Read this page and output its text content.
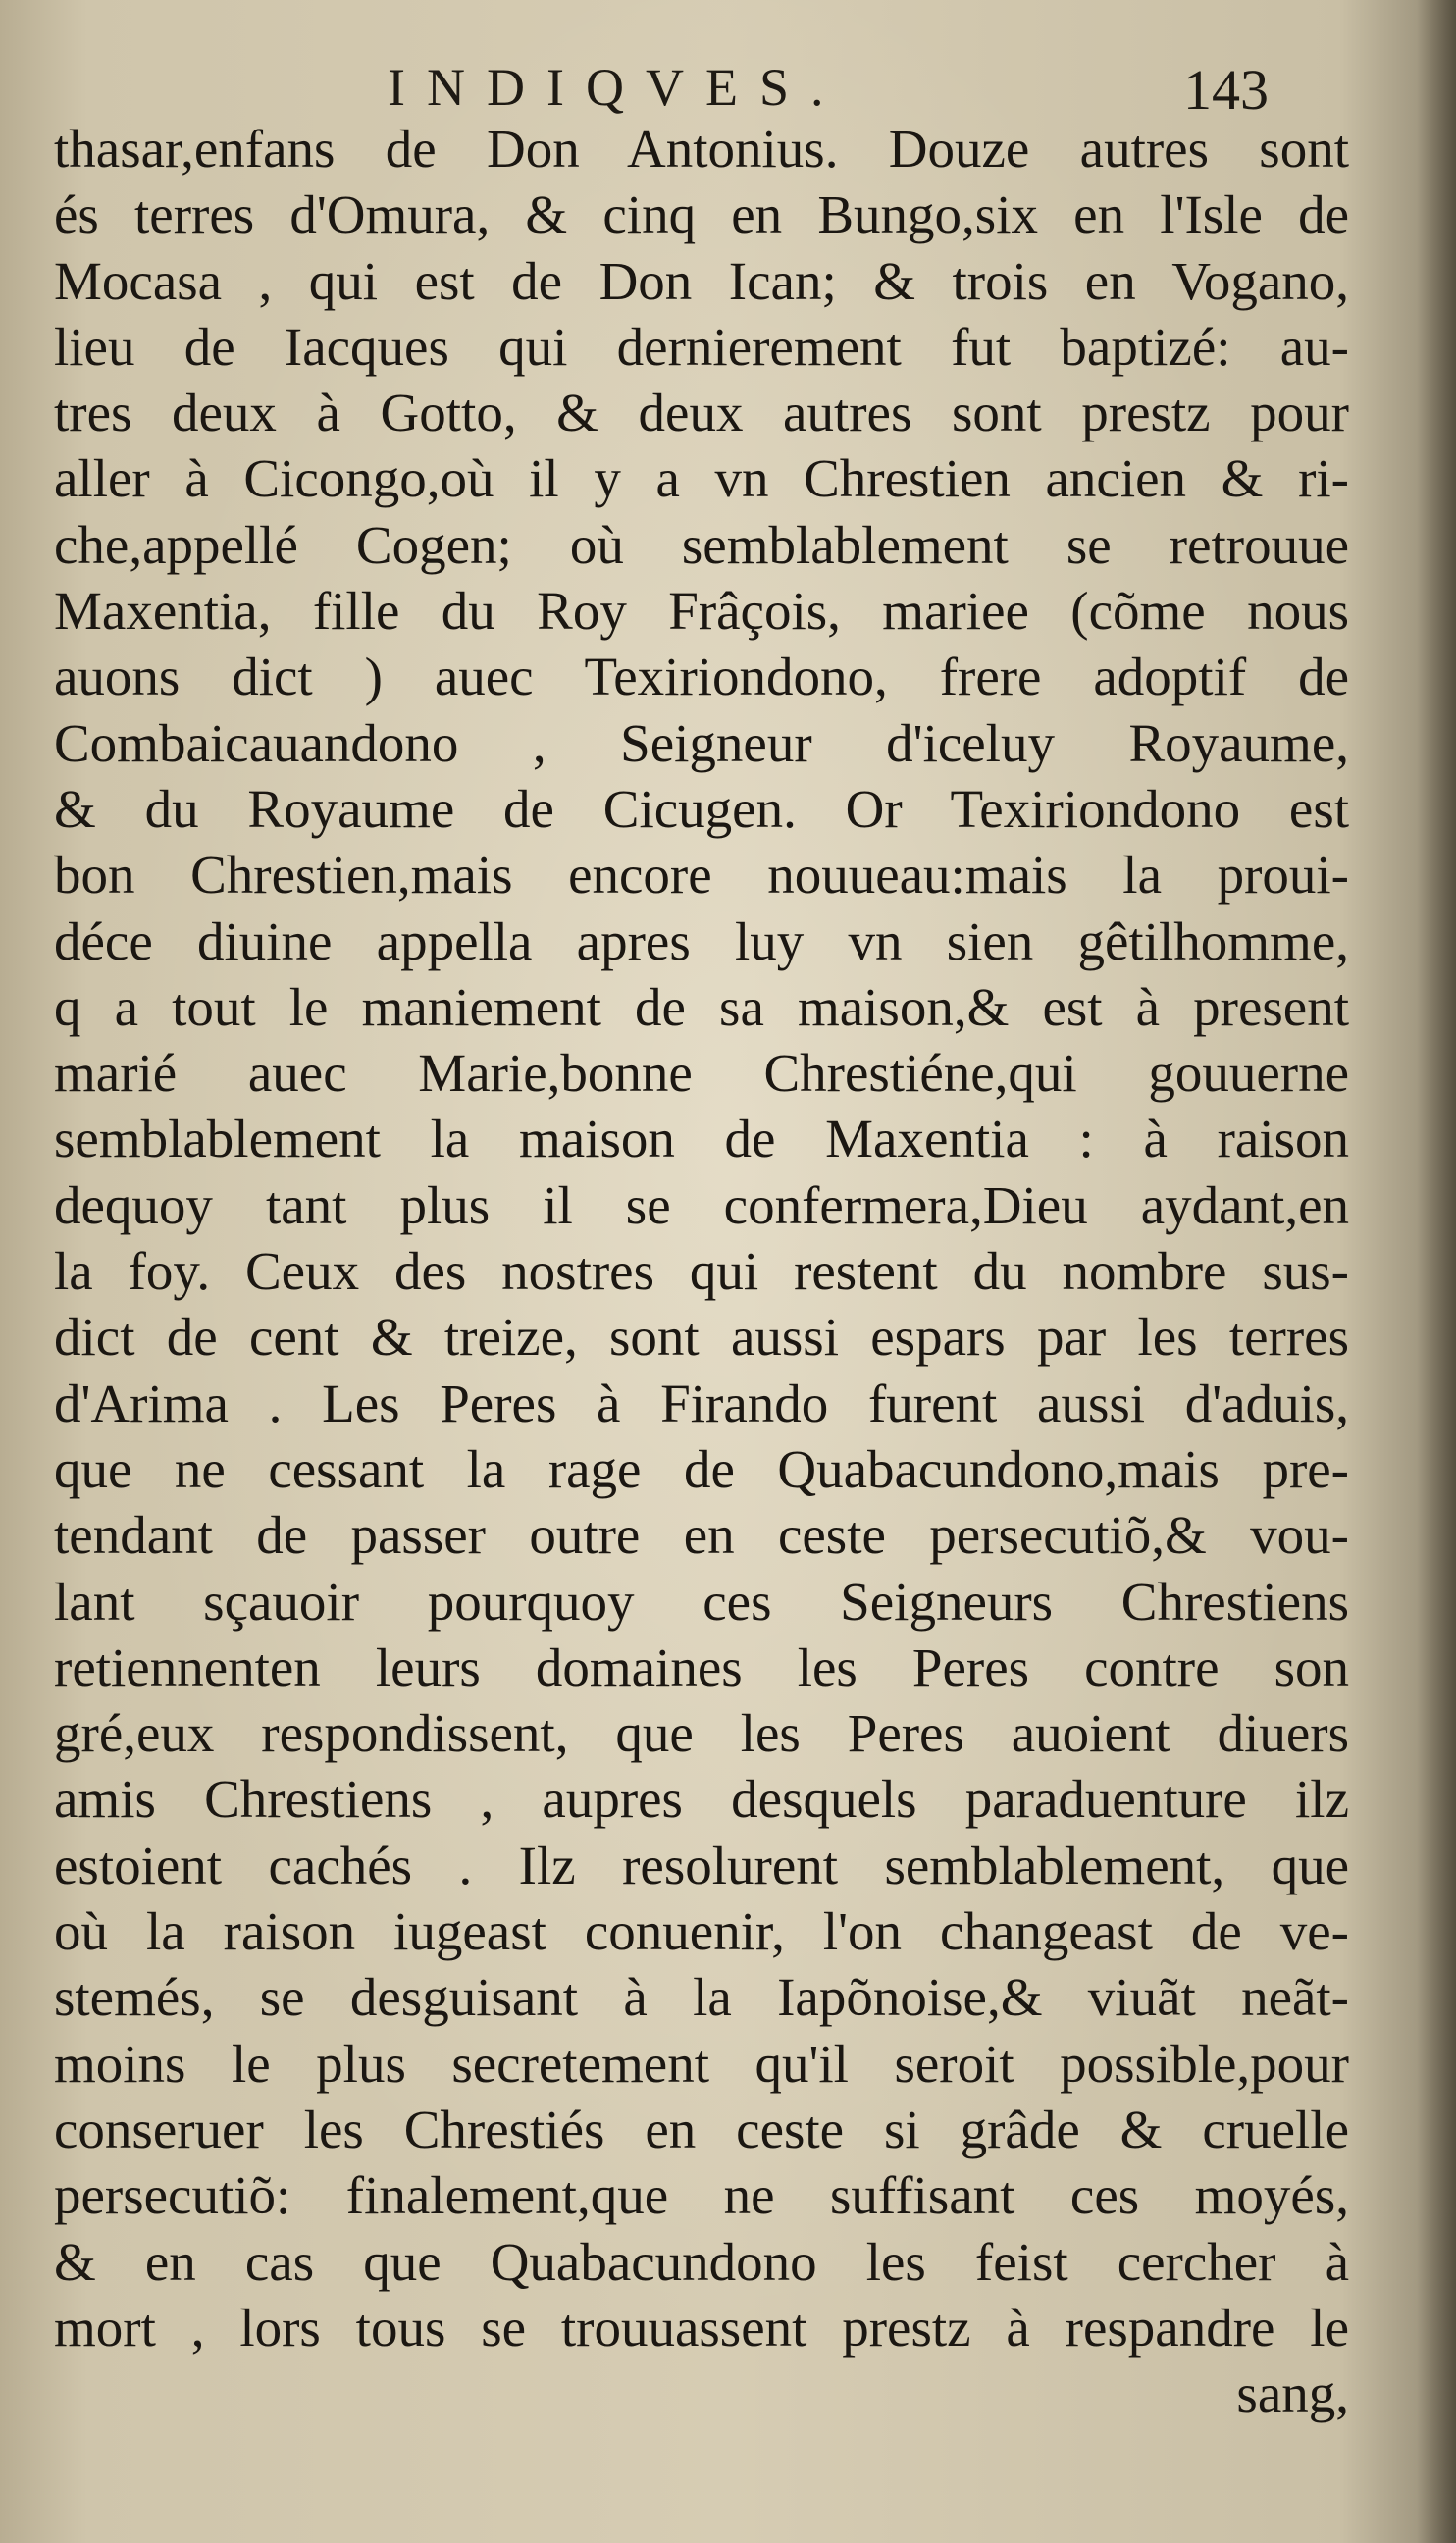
INDIQVES.	143
thasar,enfans de Don Antonius. Douze autres sont
és terres d'Omura, & cinq en Bungo,six en l'Isle de
Mocasa , qui est de Don Ican; & trois en Vogano,
lieu de Iacques qui dernierement fut baptizé: au-
tres deux à Gotto, & deux autres sont prestz pour
aller à Cicongo,où il y a vn Chrestien ancien & ri-
che,appellé Cogen; où semblablement se retrouue
Maxentia, fille du Roy Frâçois, mariee (cõme nous
auons dict ) auec Texiriondono, frere adoptif de
Combaicauandono , Seigneur d'iceluy Royaume,
& du Royaume de Cicugen. Or Texiriondono est
bon Chrestien,mais encore nouueau:mais la proui-
déce diuine appella apres luy vn sien gêtilhomme,
q a tout le maniement de sa maison,& est à present
marié auec Marie,bonne Chrestiéne,qui gouuerne
semblablement la maison de Maxentia : à raison
dequoy tant plus il se confermera,Dieu aydant,en
la foy. Ceux des nostres qui restent du nombre sus-
dict de cent & treize, sont aussi espars par les terres
d'Arima . Les Peres à Firando furent aussi d'aduis,
que ne cessant la rage de Quabacundono,mais pre-
tendant de passer outre en ceste persecutiõ,& vou-
lant sçauoir pourquoy ces Seigneurs Chrestiens
retiennenten leurs domaines les Peres contre son
gré,eux respondissent, que les Peres auoient diuers
amis Chrestiens , aupres desquels paraduenture ilz
estoient cachés . Ilz resolurent semblablement, que
où la raison iugeast conuenir, l'on changeast de ve-
stemés, se desguisant à la Iapõnoise,& viuãt neãt-
moins le plus secretement qu'il seroit possible,pour
conseruer les Chrestiés en ceste si grâde & cruelle
persecutiõ: finalement,que ne suffisant ces moyés,
& en cas que Quabacundono les feist cercher à
mort , lors tous se trouuassent prestz à respandre le
sang,
